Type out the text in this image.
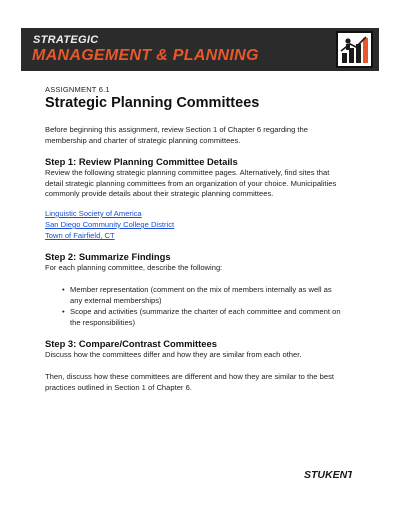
STRATEGIC
MANAGEMENT & PLANNING
ASSIGNMENT 6.1
Strategic Planning Committees
Before beginning this assignment, review Section 1 of Chapter 6 regarding the
membership and charter of strategic planning committees.
Step 1: Review Planning Committee Details
Review the following strategic planning committee pages. Alternatively, find sites that
detail strategic planning committees from an organization of your choice. Municipalities
commonly provide details about their strategic planning committees.
Linguistic Society of America
San Diego Community College District
Town of Fairfield, CT
Step 2: Summarize Findings
For each planning committee, describe the following:
• Member representation (comment on the mix of members internally as well as
any external memberships)
• Scope and activities (summarize the charter of each committee and comment on
the responsibilities)
Step 3: Compare/Contrast Committees
Discuss how the committees differ and how they are similar from each other.
Then, discuss how these committees are different and how they are similar to the best
practices outlined in Section 1 of Chapter 6.
STUKENT
